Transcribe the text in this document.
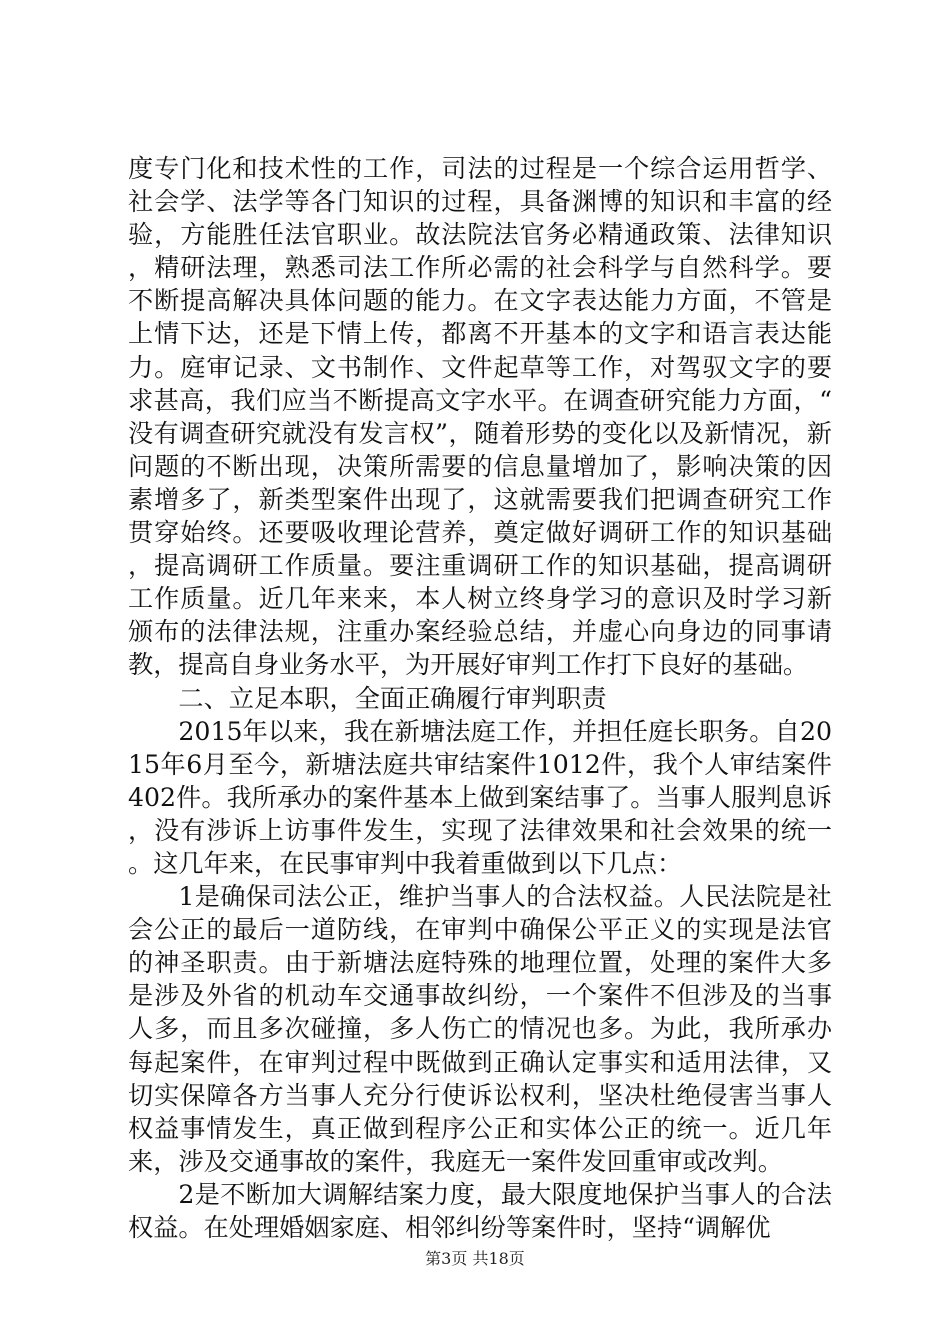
度专门化和技术性的工作，司法的过程是一个综合运用哲学、社会学、法学等各门知识的过程，具备渊博的知识和丰富的经验，方能胜任法官职业。故法院法官务必精通政策、法律知识，精研法理，熟悉司法工作所必需的社会科学与自然科学。要不断提高解决具体问题的能力。在文字表达能力方面，不管是上情下达，还是下情上传，都离不开基本的文字和语言表达能力。庭审记录、文书制作、文件起草等工作，对驾驭文字的要求甚高，我们应当不断提高文字水平。在调查研究能力方面，“没有调查研究就没有发言权”，随着形势的变化以及新情况，新问题的不断出现，决策所需要的信息量增加了，影响决策的因素增多了，新类型案件出现了，这就需要我们把调查研究工作贯穿始终。还要吸收理论营养，奠定做好调研工作的知识基础，提高调研工作质量。要注重调研工作的知识基础，提高调研工作质量。近几年来来，本人树立终身学习的意识及时学习新颁布的法律法规，注重办案经验总结，并虚心向身边的同事请教，提高自身业务水平，为开展好审判工作打下良好的基础。

二、立足本职，全面正确履行审判职责

2015年以来，我在新塘法庭工作，并担任庭长职务。自2015年6月至今，新塘法庭共审结案件1012件，我个人审结案件402件。我所承办的案件基本上做到案结事了。当事人服判息诉，没有涉诉上访事件发生，实现了法律效果和社会效果的统一。这几年来，在民事审判中我着重做到以下几点：

1是确保司法公正，维护当事人的合法权益。人民法院是社会公正的最后一道防线，在审判中确保公平正义的实现是法官的神圣职责。由于新塘法庭特殊的地理位置，处理的案件大多是涉及外省的机动车交通事故纠纷，一个案件不但涉及的当事人多，而且多次碰撞，多人伤亡的情况也多。为此，我所承办每起案件，在审判过程中既做到正确认定事实和适用法律，又切实保障各方当事人充分行使诉讼权利，坚决杜绝侵害当事人权益事情发生，真正做到程序公正和实体公正的统一。近几年来，涉及交通事故的案件，我庭无一案件发回重审或改判。

2是不断加大调解结案力度，最大限度地保护当事人的合法权益。在处理婚姻家庭、相邻纠纷等案件时，坚持“调解优

第3页 共18页
